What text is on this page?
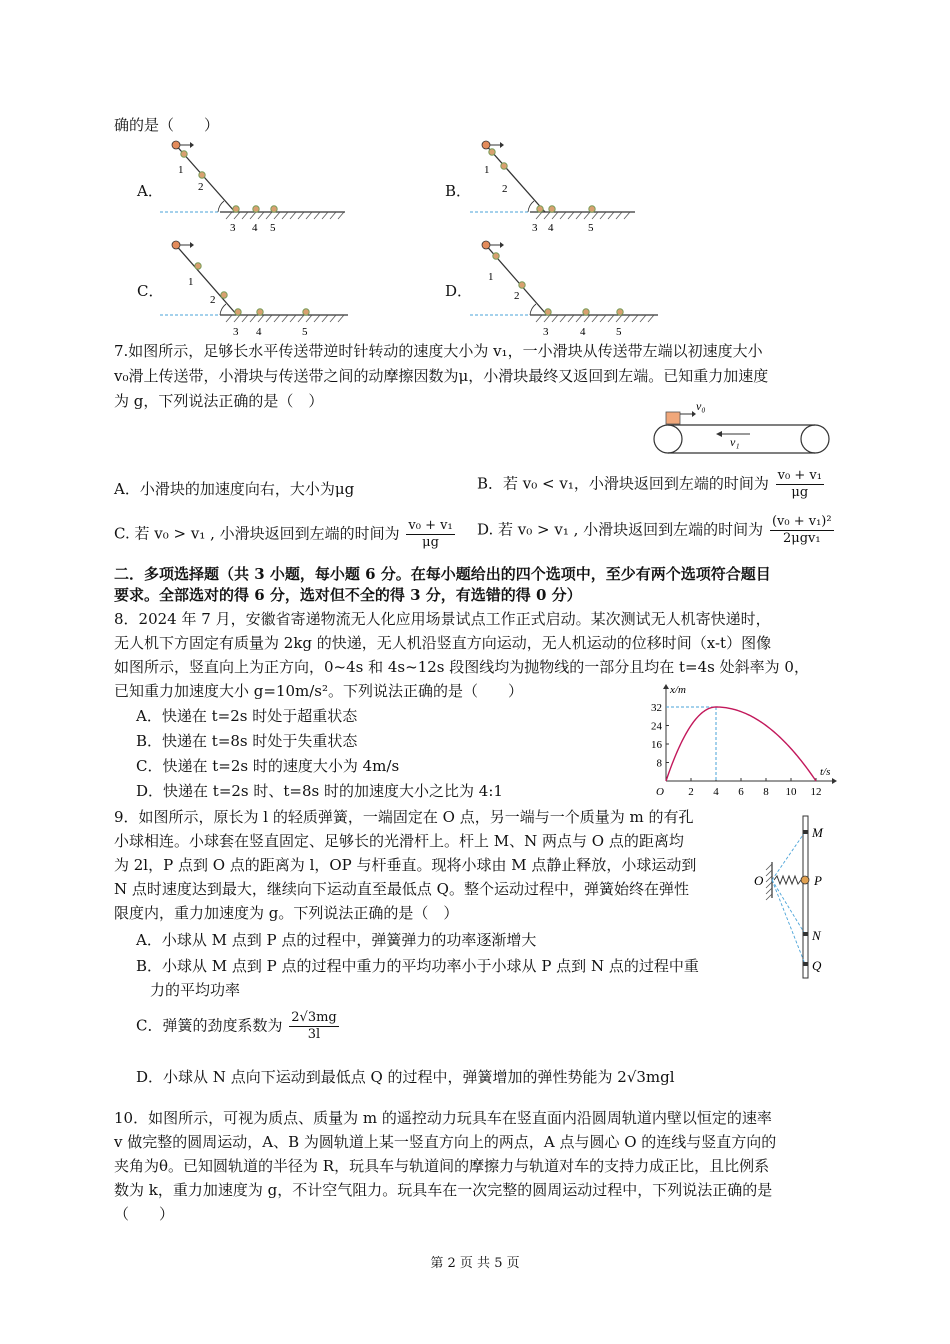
确的是（　　）
A．	B．
C．	D．
1
2
3 4 5
1
2
3 4	5
1
2
3 4	5
1
2
3	4	5
7.如图所示，足够长水平传送带逆时针转动的速度大小为 v₁，一小滑块从传送带左端以初速度大小
v₀滑上传送带，小滑块与传送带之间的动摩擦因数为μ，小滑块最终又返回到左端。已知重力加速度
为 g，下列说法正确的是（　）	v₀
v₁
A．小滑块的加速度向右，大小为μg	B．若 v₀ < v₁，小滑块返回到左端的时间为 $\frac{\text{v₀ + v₁}}{\mu g}$
C. 若 v₀ > v₁ , 小滑块返回到左端的时间为 $\frac{\text{v₀ + v₁}}{\mu g} D$. 若 v₀ > v₁ , 小滑块返回到左端的时间为 $\frac{\text{(v₀ + v₁)²}}{\text{2μgv₁}}$
二．多项选择题（共 3 小题，每小题 6 分。在每小题给出的四个选项中，至少有两个选项符合题目
要求。全部选对的得 6 分，选对但不全的得 3 分，有选错的得 0 分）
8．2024 年 7 月，安徽省寄递物流无人化应用场景试点工作正式启动。某次测试无人机寄快递时，
无人机下方固定有质量为 2kg 的快递，无人机沿竖直方向运动，无人机运动的位移时间（x-t）图像
如图所示，竖直向上为正方向，0~4s 和 4s~12s 段图线均为抛物线的一部分且均在 t=4s 处斜率为 0，
已知重力加速度大小 g=10m/s²。下列说法正确的是（　　）
A．快递在 t=2s 时处于超重状态
B．快递在 t=8s 时处于失重状态
C．快递在 t=2s 时的速度大小为 4m/s
D．快递在 t=2s 时、t=8s 时的加速度大小之比为 4:1
x/m
t/s
O
8
16
24
32
2 4 6 8 10 12
9．如图所示，原长为 l 的轻质弹簧，一端固定在 O 点，另一端与一个质量为 m 的有孔
小球相连。小球套在竖直固定、足够长的光滑杆上。杆上 M、N 两点与 O 点的距离均
为 2l，P 点到 O 点的距离为 l，OP 与杆垂直。现将小球由 M 点静止释放，小球运动到
N 点时速度达到最大，继续向下运动直至最低点 Q。整个运动过程中，弹簧始终在弹性
限度内，重力加速度为 g。下列说法正确的是（　）
A．小球从 M 点到 P 点的过程中，弹簧弹力的功率逐渐增大
B．小球从 M 点到 P 点的过程中重力的平均功率小于小球从 P 点到 N 点的过程中重
力的平均功率
C．弹簧的劲度系数为 $\frac{2√3mg}{3l}$
D．小球从 N 点向下运动到最低点 Q 的过程中，弹簧增加的弹性势能为 2√3mgl
M
P
N
Q
O
10．如图所示，可视为质点、质量为 m 的遥控动力玩具车在竖直面内沿圆周轨道内壁以恒定的速率
v 做完整的圆周运动，A、B 为圆轨道上某一竖直方向上的两点，A 点与圆心 O 的连线与竖直方向的
夹角为θ。已知圆轨道的半径为 R，玩具车与轨道间的摩擦力与轨道对车的支持力成正比，且比例系
数为 k，重力加速度为 g，不计空气阻力。玩具车在一次完整的圆周运动过程中，下列说法正确的是
（　　）
第 2 页 共 5 页
